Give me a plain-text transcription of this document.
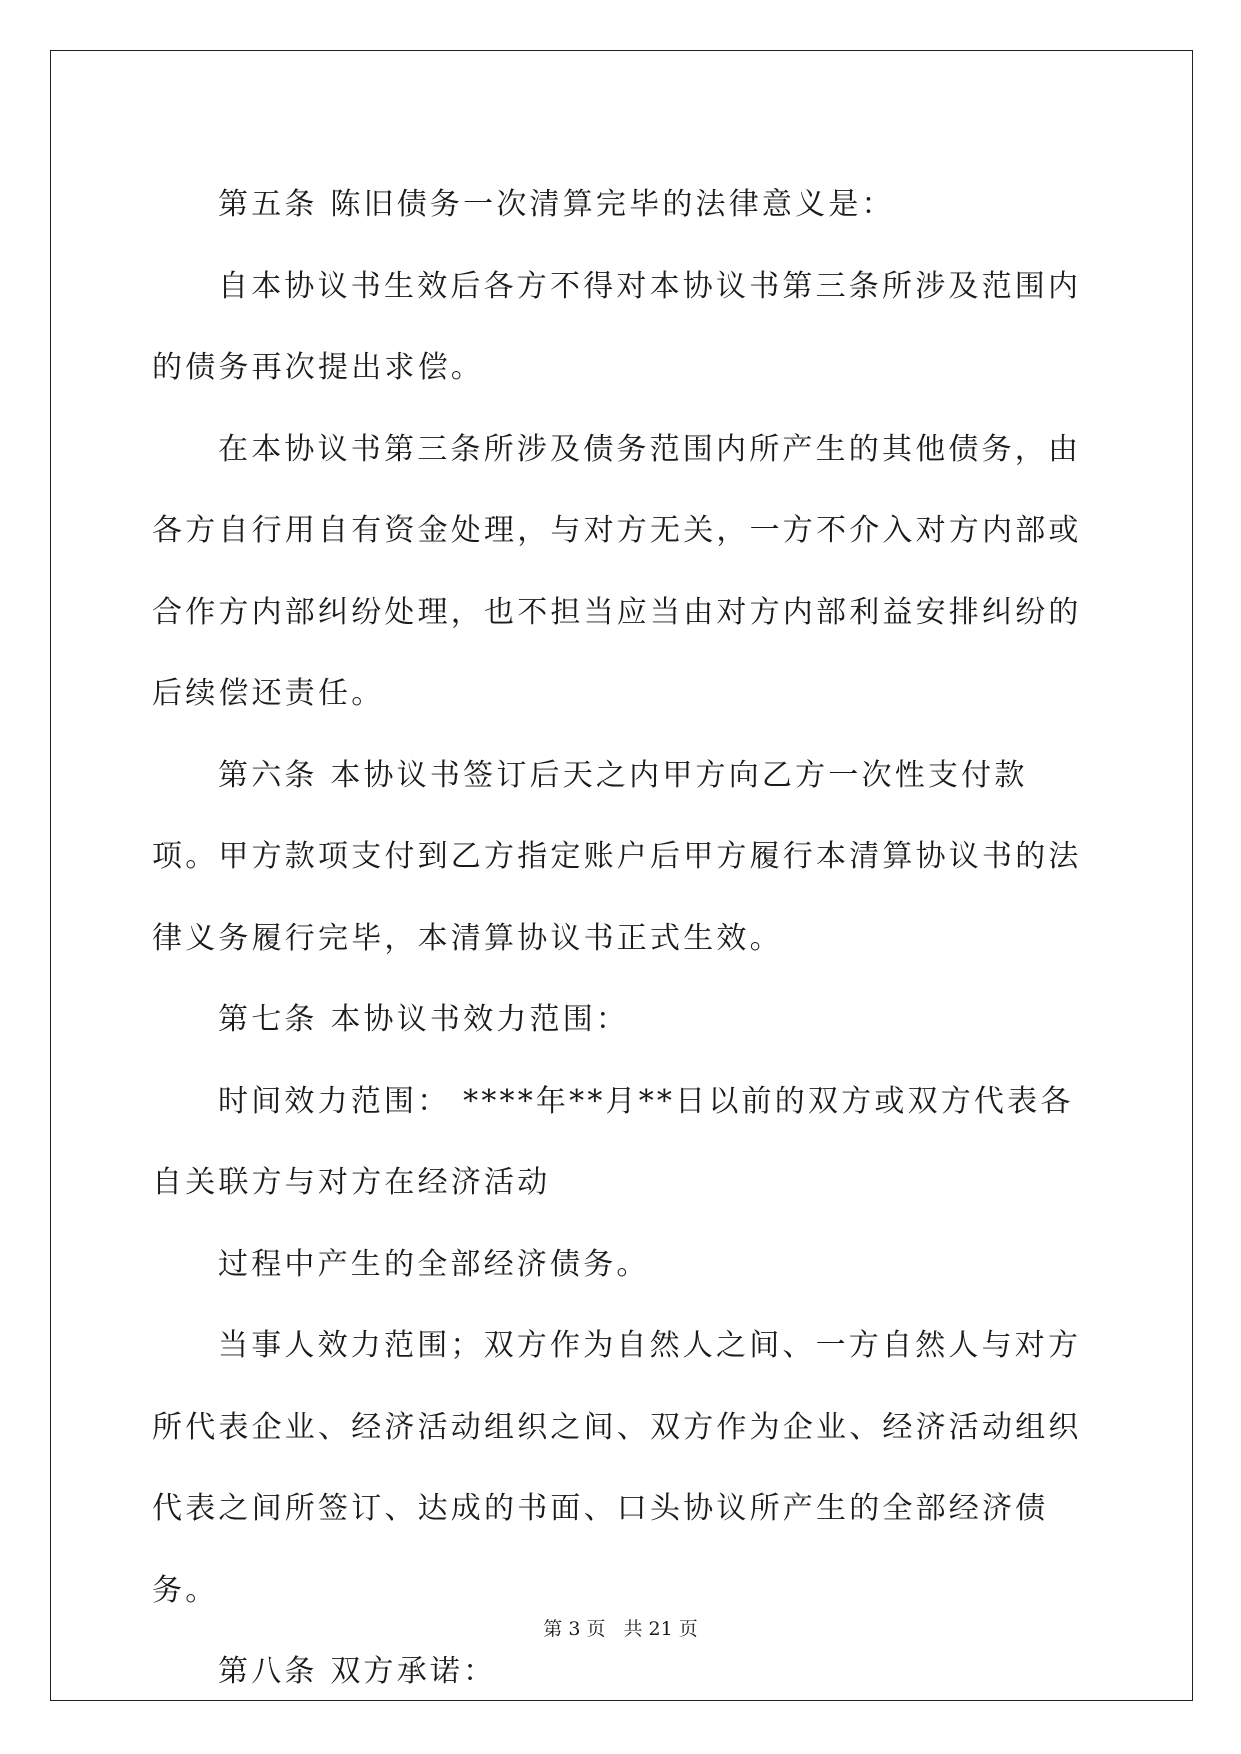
第五条 陈旧债务一次清算完毕的法律意义是：

自本协议书生效后各方不得对本协议书第三条所涉及范围内的债务再次提出求偿。

在本协议书第三条所涉及债务范围内所产生的其他债务，由各方自行用自有资金处理，与对方无关，一方不介入对方内部或合作方内部纠纷处理，也不担当应当由对方内部利益安排纠纷的后续偿还责任。

第六条 本协议书签订后天之内甲方向乙方一次性支付款项。甲方款项支付到乙方指定账户后甲方履行本清算协议书的法律义务履行完毕，本清算协议书正式生效。

第七条 本协议书效力范围：

时间效力范围： ****年**月**日以前的双方或双方代表各自关联方与对方在经济活动

过程中产生的全部经济债务。

当事人效力范围；双方作为自然人之间、一方自然人与对方所代表企业、经济活动组织之间、双方作为企业、经济活动组织代表之间所签订、达成的书面、口头协议所产生的全部经济债务。

第八条 双方承诺：

第 3 页 共 21 页
